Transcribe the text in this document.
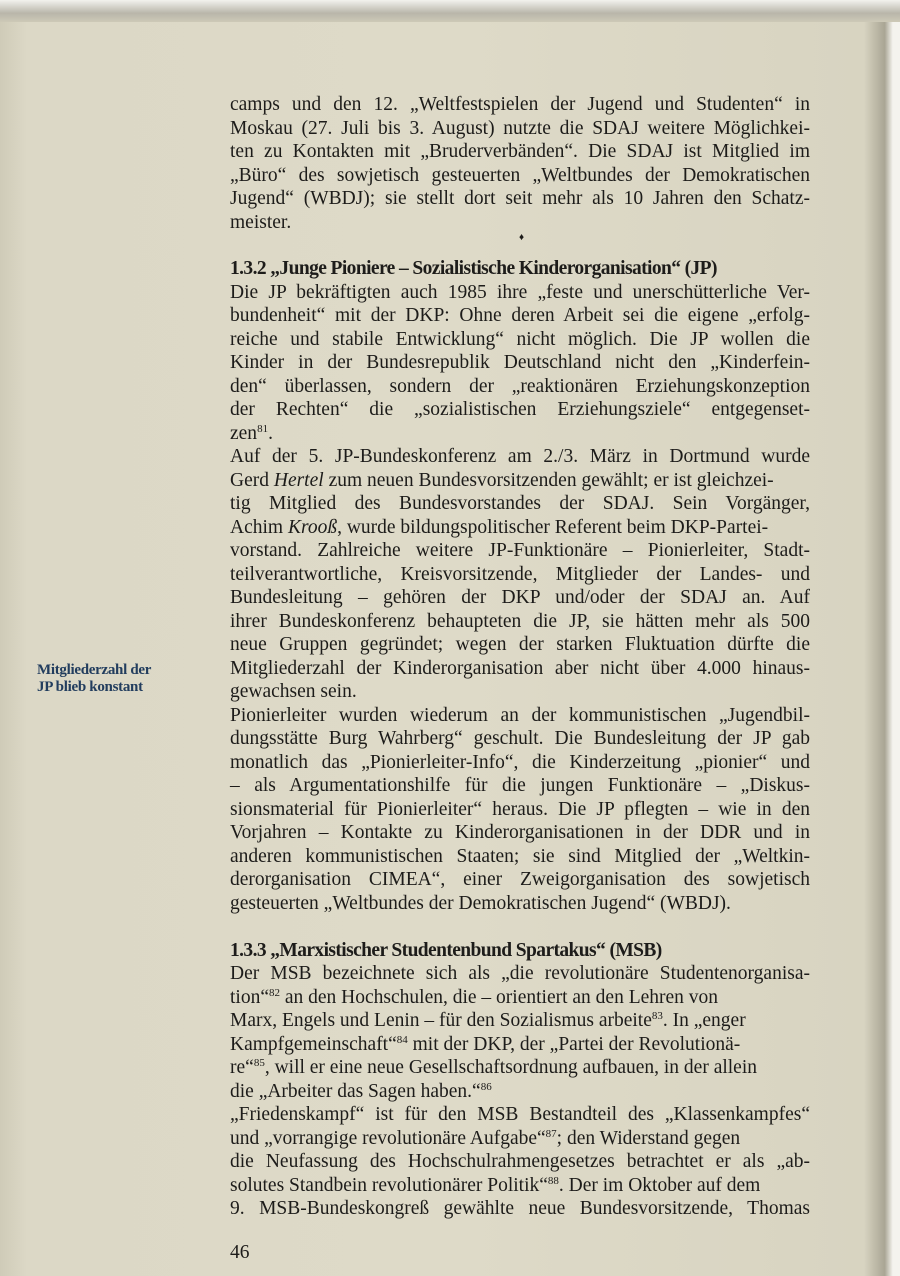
camps und den 12. „Weltfestspielen der Jugend und Studenten“ in
Moskau (27. Juli bis 3. August) nutzte die SDAJ weitere Möglichkei-
ten zu Kontakten mit „Bruderverbänden“. Die SDAJ ist Mitglied im
„Büro“ des sowjetisch gesteuerten „Weltbundes der Demokratischen
Jugend“ (WBDJ); sie stellt dort seit mehr als 10 Jahren den Schatz-
meister.
♦
1.3.2 „Junge Pioniere – Sozialistische Kinderorganisation“ (JP)
Die JP bekräftigten auch 1985 ihre „feste und unerschütterliche Ver-
bundenheit“ mit der DKP: Ohne deren Arbeit sei die eigene „erfolg-
reiche und stabile Entwicklung“ nicht möglich. Die JP wollen die
Kinder in der Bundesrepublik Deutschland nicht den „Kinderfein-
den“ überlassen, sondern der „reaktionären Erziehungskonzeption
der Rechten“ die „sozialistischen Erziehungsziele“ entgegenset-
zen$^{81}$.
Auf der 5. JP-Bundeskonferenz am 2./3. März in Dortmund wurde
Gerd Hertel zum neuen Bundesvorsitzenden gewählt; er ist gleichzei-
tig Mitglied des Bundesvorstandes der SDAJ. Sein Vorgänger,
Achim Krooß, wurde bildungspolitischer Referent beim DKP-Partei-
vorstand. Zahlreiche weitere JP-Funktionäre – Pionierleiter, Stadt-
teilverantwortliche, Kreisvorsitzende, Mitglieder der Landes- und
Bundesleitung – gehören der DKP und/oder der SDAJ an. Auf
ihrer Bundeskonferenz behaupteten die JP, sie hätten mehr als 500
neue Gruppen gegründet; wegen der starken Fluktuation dürfte die
Mitgliederzahl der Kinderorganisation aber nicht über 4.000 hinaus-
gewachsen sein.
Pionierleiter wurden wiederum an der kommunistischen „Jugendbil-
dungsstätte Burg Wahrberg“ geschult. Die Bundesleitung der JP gab
monatlich das „Pionierleiter-Info“, die Kinderzeitung „pionier“ und
– als Argumentationshilfe für die jungen Funktionäre – „Diskus-
sionsmaterial für Pionierleiter“ heraus. Die JP pflegten – wie in den
Vorjahren – Kontakte zu Kinderorganisationen in der DDR und in
anderen kommunistischen Staaten; sie sind Mitglied der „Weltkin-
derorganisation CIMEA“, einer Zweigorganisation des sowjetisch
gesteuerten „Weltbundes der Demokratischen Jugend“ (WBDJ).
1.3.3 „Marxistischer Studentenbund Spartakus“ (MSB)
Der MSB bezeichnete sich als „die revolutionäre Studentenorganisa-
tion“$^{82}$ an den Hochschulen, die – orientiert an den Lehren von
Marx, Engels und Lenin – für den Sozialismus arbeite$^{83}$. In „enger
Kampfgemeinschaft“$^{84}$ mit der DKP, der „Partei der Revolutionä-
re“$^{85}$, will er eine neue Gesellschaftsordnung aufbauen, in der allein
die „Arbeiter das Sagen haben.“$^{86}$
„Friedenskampf“ ist für den MSB Bestandteil des „Klassenkampfes“
und „vorrangige revolutionäre Aufgabe“$^{87}$; den Widerstand gegen
die Neufassung des Hochschulrahmengesetzes betrachtet er als „ab-
solutes Standbein revolutionärer Politik“$^{88}$. Der im Oktober auf dem
9. MSB-Bundeskongreß gewählte neue Bundesvorsitzende, Thomas
Mitgliederzahl der
JP blieb konstant
46
